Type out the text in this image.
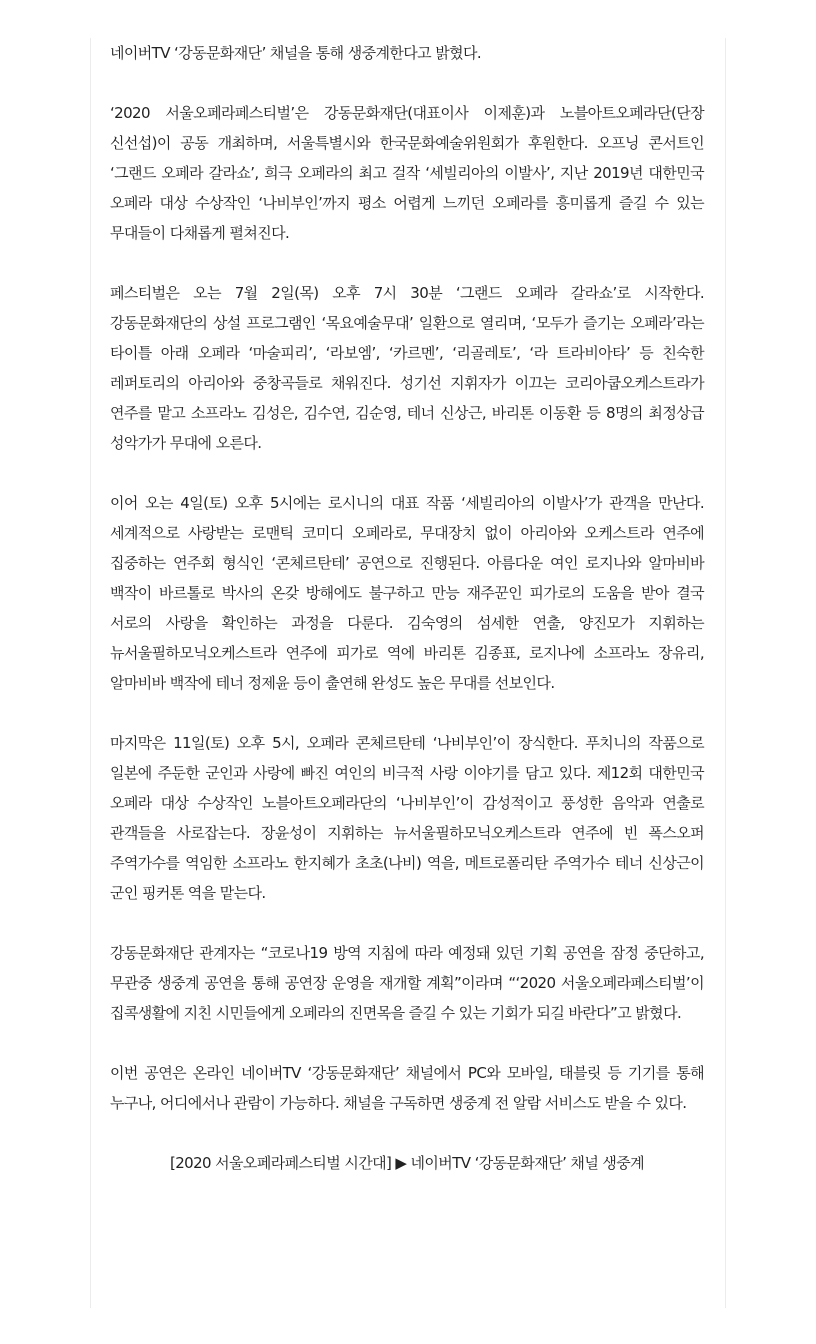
네이버TV ‘강동문화재단’ 채널을 통해 생중계한다고 밝혔다.

‘2020 서울오페라페스티벌’은 강동문화재단(대표이사 이제훈)과 노블아트오페라단(단장 신선섭)이 공동 개최하며, 서울특별시와 한국문화예술위원회가 후원한다. 오프닝 콘서트인 ‘그랜드 오페라 갈라쇼’, 희극 오페라의 최고 걸작 ‘세빌리아의 이발사’, 지난 2019년 대한민국 오페라 대상 수상작인 ‘나비부인’까지 평소 어렵게 느끼던 오페라를 흥미롭게 즐길 수 있는 무대들이 다채롭게 펼쳐진다.

페스티벌은 오는 7월 2일(목) 오후 7시 30분 ‘그랜드 오페라 갈라쇼’로 시작한다. 강동문화재단의 상설 프로그램인 ‘목요예술무대’ 일환으로 열리며, ‘모두가 즐기는 오페라’라는 타이틀 아래 오페라 ‘마술피리’, ‘라보엠’, ‘카르멘’, ‘리골레토’, ‘라 트라비아타’ 등 친숙한 레퍼토리의 아리아와 중창곡들로 채워진다. 성기선 지휘자가 이끄는 코리아쿱오케스트라가 연주를 맡고 소프라노 김성은, 김수연, 김순영, 테너 신상근, 바리톤 이동환 등 8명의 최정상급 성악가가 무대에 오른다.

이어 오는 4일(토) 오후 5시에는 로시니의 대표 작품 ‘세빌리아의 이발사’가 관객을 만난다. 세계적으로 사랑받는 로맨틱 코미디 오페라로, 무대장치 없이 아리아와 오케스트라 연주에 집중하는 연주회 형식인 ‘콘체르탄테’ 공연으로 진행된다. 아름다운 여인 로지나와 알마비바 백작이 바르톨로 박사의 온갖 방해에도 불구하고 만능 재주꾼인 피가로의 도움을 받아 결국 서로의 사랑을 확인하는 과정을 다룬다. 김숙영의 섬세한 연출, 양진모가 지휘하는 뉴서울필하모닉오케스트라 연주에 피가로 역에 바리톤 김종표, 로지나에 소프라노 장유리, 알마비바 백작에 테너 정제윤 등이 출연해 완성도 높은 무대를 선보인다.

마지막은 11일(토) 오후 5시, 오페라 콘체르탄테 ‘나비부인’이 장식한다. 푸치니의 작품으로 일본에 주둔한 군인과 사랑에 빠진 여인의 비극적 사랑 이야기를 담고 있다. 제12회 대한민국 오페라 대상 수상작인 노블아트오페라단의 ‘나비부인’이 감성적이고 풍성한 음악과 연출로 관객들을 사로잡는다. 장윤성이 지휘하는 뉴서울필하모닉오케스트라 연주에 빈 폭스오퍼 주역가수를 역임한 소프라노 한지혜가 초초(나비) 역을, 메트로폴리탄 주역가수 테너 신상근이 군인 핑커톤 역을 맡는다.

강동문화재단 관계자는 “코로나19 방역 지침에 따라 예정돼 있던 기획 공연을 잠정 중단하고, 무관중 생중계 공연을 통해 공연장 운영을 재개할 계획”이라며 “‘2020 서울오페라페스티벌’이 집콕생활에 지친 시민들에게 오페라의 진면목을 즐길 수 있는 기회가 되길 바란다”고 밝혔다.

이번 공연은 온라인 네이버TV ‘강동문화재단’ 채널에서 PC와 모바일, 태블릿 등 기기를 통해 누구나, 어디에서나 관람이 가능하다. 채널을 구독하면 생중계 전 알람 서비스도 받을 수 있다.

[2020 서울오페라페스티벌 시간대] ▶ 네이버TV ‘강동문화재단’ 채널 생중계
